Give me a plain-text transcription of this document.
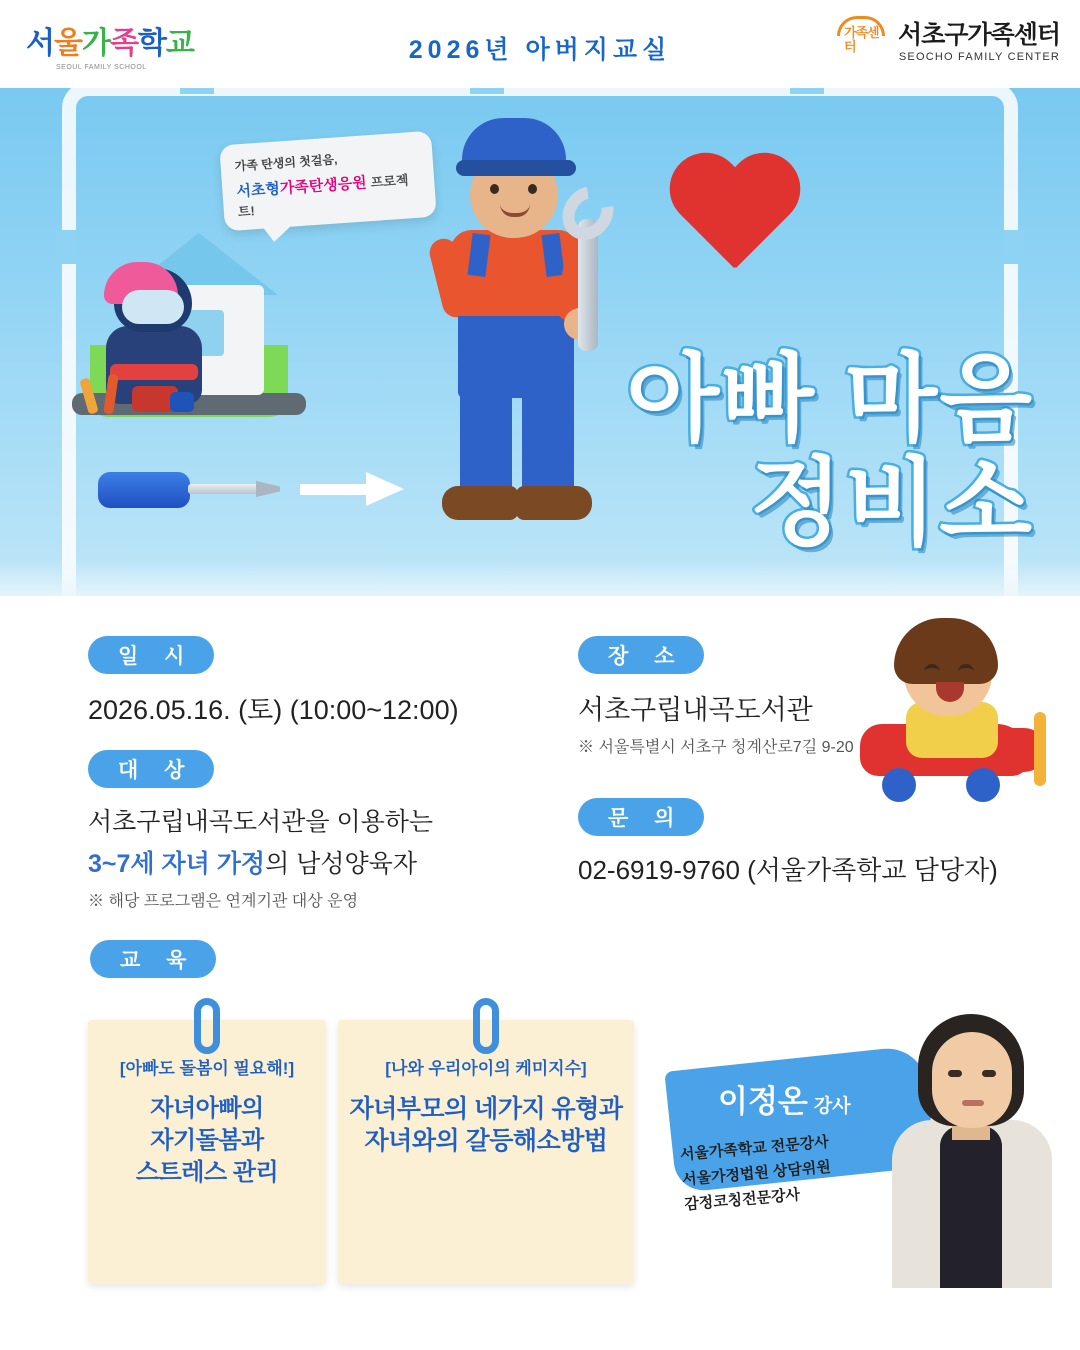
가족 탄생의 첫걸음,
서초형가족탄생응원 프로젝트!
아빠 마음
정비소
서울가족학교
SEOUL FAMILY SCHOOL
2026년 아버지교실
가족센터	서초구가족센터
SEOCHO FAMILY CENTER
일 시
2026.05.16. (토) (10:00~12:00)
대 상
서초구립내곡도서관을 이용하는
3~7세 자녀 가정의 남성양육자
※ 해당 프로그램은 연계기관 대상 운영
장 소
서초구립내곡도서관
※ 서울특별시 서초구 청계산로7길 9-20
문 의
02-6919-9760 (서울가족학교 담당자)
교 육
[아빠도 돌봄이 필요해!]
자녀아빠의
자기돌봄과
스트레스 관리
[나와 우리아이의 케미지수]
자녀부모의 네가지 유형과
자녀와의 갈등해소방법
이정온 강사
서울가족학교 전문강사
서울가정법원 상담위원
감정코칭전문강사
